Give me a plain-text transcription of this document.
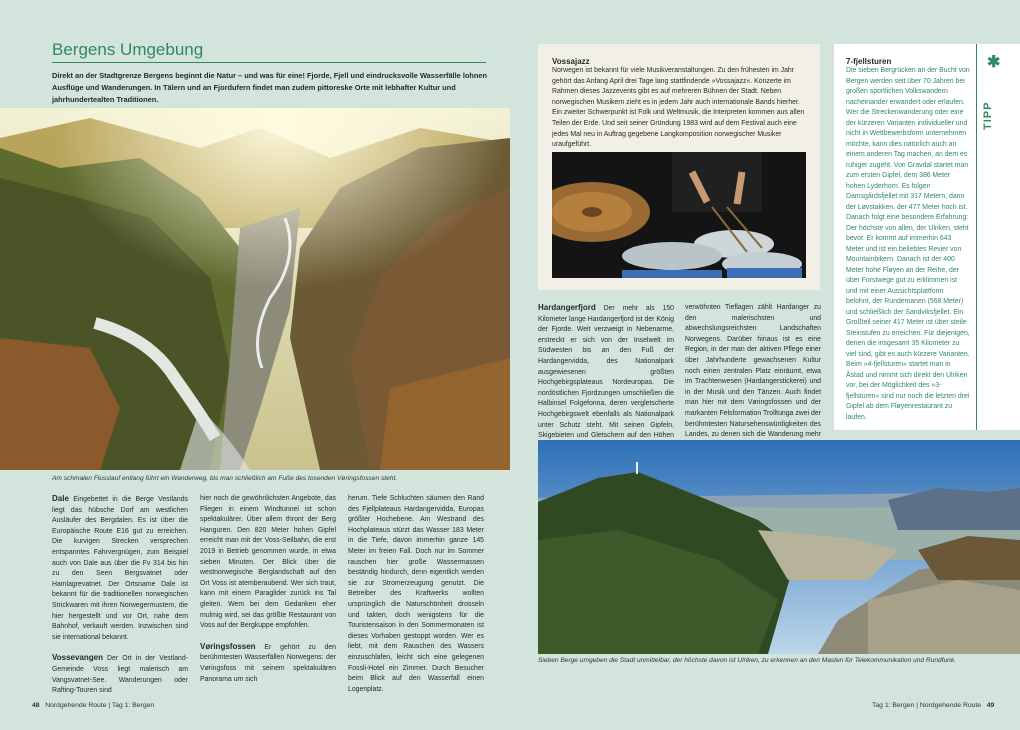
Bergens Umgebung
Direkt an der Stadtgrenze Bergens beginnt die Natur – und was für eine! Fjorde, Fjell und eindrucksvolle Wasserfälle lohnen Ausflüge und Wanderungen. In Tälern und an Fjordufern findet man zudem pittoreske Orte mit lebhafter Kultur und jahrhundertealten Traditionen.
Am schmalen Flusslauf entlang führt ein Wanderweg, bis man schließlich am Fuße des tosenden Vøringsfossen steht.
Dale Eingebettet in die Berge Vestlands liegt das hübsche Dorf am westlichen Ausläufer des Bergdalen. Es ist über die Europäische Route E16 gut zu erreichen. Die kurvigen Strecken versprechen entspanntes Fahrvergnügen, zum Beispiel auch von Dale aus über die Fv 314 bis hin zu den Seen Bergsvatnet oder Hamlagrevatnet. Der Ortsname Dale ist bekannt für die traditionellen norwegischen Strickwaren mit ihren Norwegermustern, die hier hergestellt und vor Ort, nahe dem Bahnhof, verkauft werden. Inzwischen sind sie international bekannt.
Vossevangen Der Ort in der Vestland-Gemeinde Voss liegt malerisch am Vangsvatnet-See. Wanderungen oder Rafting-Touren sind
hier noch die gewöhnlichsten Angebote, das Fliegen in einem Windtunnel ist schon spektakulärer. Über allem thront der Berg Hanguren. Den 820 Meter hohen Gipfel erreicht man mit der Voss-Seilbahn, die erst 2019 in Betrieb genommen wurde, in etwa sieben Minuten. Der Blick über die westnorwegische Berglandschaft auf den Ort Voss ist atemberaubend. Wer sich traut, kann mit einem Paraglider zurück ins Tal gleiten. Wem bei dem Gedanken eher mulmig wird, sei das größte Restaurant von Voss auf der Bergkuppe empfohlen.
Vøringsfossen Er gehört zu den berühmtesten Wasserfällen Norwegens: der Vøringsfoss mit seinem spektakulären Panorama um sich
herum. Tiefe Schluchten säumen den Rand des Fjellplateaus Hardangervidda, Europas größter Hochebene. Am Westrand des Hochplateaus stürzt das Wasser 183 Meter in die Tiefe, davon immerhin ganze 145 Meter im freien Fall. Doch nur im Sommer rauschen hier große Wassermassen beständig hindurch, denn eigentlich werden sie zur Stromerzeugung genutzt. Die Betreiber des Kraftwerks wollten ursprünglich die Naturschönheit drosseln und takten, doch wenigstens für die Touristensaison in den Sommermonaten ist dieses Vorhaben gestoppt worden. Wer es liebt, mit dem Rauschen des Wassers einzuschlafen, leicht sich eine gelegenen Fossli-Hotel ein Zimmer. Durch Besucher beim Blick auf den Wasserfall einen Logenplatz.
48 Nordgehende Route | Tag 1: Bergen
Vossajazz
Norwegen ist bekannt für viele Musikveranstaltungen. Zu den frühesten im Jahr gehört das Anfang April drei Tage lang stattfindende »Vossajazz«. Konzerte im Rahmen dieses Jazzevents gibt es auf mehreren Bühnen der Stadt. Neben norwegischen Musikern zieht es in jedem Jahr auch internationale Bands hierher. Ein zweiter Schwerpunkt ist Folk und Weltmusik, die Interpreten kommen aus allen Teilen der Erde. Und seit seiner Gründung 1983 wird auf dem Festival auch eine jedes Mal neu in Auftrag gegebene Langkomposition norwegischer Musiker uraufgeführt.
Hardangerfjord Der mehr als 150 Kilometer lange Hardangerfjord ist der König der Fjorde. Weit verzweigt in Nebenarme, erstreckt er sich von der Inselwelt im Südwesten bis an den Fuß der Hardangervidda, des Nationalpark ausgewiesenen größten Hochgebirgsplateaus Nordeuropas. Die nordöstlichen Fjordzungen umschließen die Halbinsel Folgefonna, deren vergletscherte Hochgebirgswelt ebenfalls als Nationalpark unter Schutz steht. Mit seinen Gipfeln, Skigebieten und Gletschern auf den Höhen
verwöhnten Tieflagen zählt Hardanger zu den malerischsten und abwechslungsreichsten Landschaften Norwegens. Darüber hinaus ist es eine Region, in der man der aktiven Pflege einer über Jahrhunderte gewachsenen Kultur noch einen zentralen Platz einräumt, etwa im Trachtenwesen (Hardangerstickerei) und in der Musik und den Tänzen. Auch findet man hier mit dem Vøringsfossen und der markanten Felsformation Trolltunga zwei der berühmtesten Natursehenswürdigkeiten des Landes, zu denen sich die Wanderung mehr
7-fjellsturen
Die sieben Bergrücken an der Bucht von Bergen werden seit über 70 Jahren bei großen sportlichen Volkswandern nacheinander erwandert oder erlaufen. Wer die Streckenwanderung oder eine der kürzeren Varianten individueller und nicht in Wettbewerbsform unternehmen möchte, kann dies natürlich auch an einem anderen Tag machen, an dem es ruhiger zugeht. Von Gravdal startet man zum ersten Gipfel, dem 386 Meter hohen Lyderhorn. Es folgen Damsgårdsfjellet mit 317 Metern, dann der Løvstakken, der 477 Meter hoch ist. Danach folgt eine besondere Erfahrung: Der höchste von allen, der Ulriken, steht bevor. Er kommt auf immerhin 643 Meter und ist ein beliebtes Revier von Mountainbikern. Danach ist der 400 Meter hohe Fløyen an der Reihe, der über Forstwege gut zu erklimmen ist und mit einer Aussichtsplattform belohnt, der Rundemanen (568 Meter) und schließlich der Sandviksfjellet. Ein Großteil seiner 417 Meter ist über steile Steinstufen zu erreichen. Für diejenigen, denen die insgesamt 35 Kilometer zu viel sind, gibt es auch kürzere Varianten. Beim »4-fjellsturen« startet man in Åstad und nimmt sich direkt den Ulriken vor, bei der Möglichkeit des »3-fjellsturen« sind nur noch die letzten drei Gipfel ab dem Fløyenrestaurant zu laufen.
✱
TIPP
Sieben Berge umgeben die Stadt unmittelbar, der höchste davon ist Ulriken, zu erkennen an den Masten für Telekommunikation und Rundfunk.
Tag 1: Bergen | Nordgehende Route 49
